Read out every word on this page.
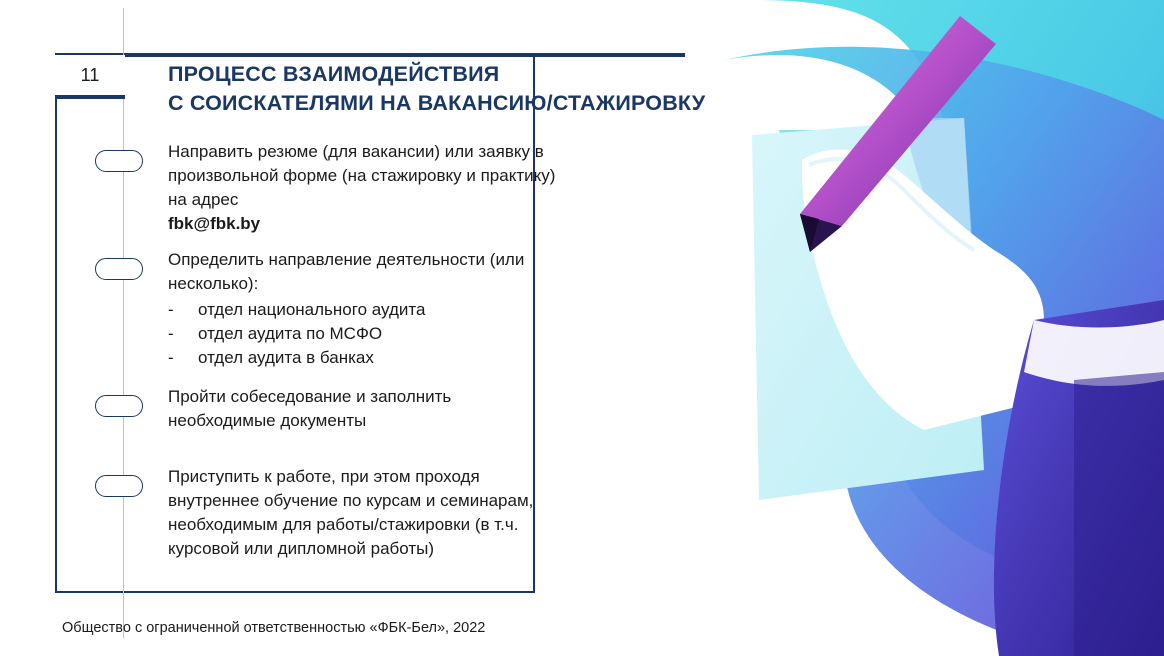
11	ПРОЦЕСС ВЗАИМОДЕЙСТВИЯ
С СОИСКАТЕЛЯМИ НА ВАКАНСИЮ/СТАЖИРОВКУ
Направить резюме (для вакансии) или заявку в произвольной форме (на стажировку и практику) на адрес
fbk@fbk.by
Определить направление деятельности (или несколько):
-	отдел национального аудита
-	отдел аудита по МСФО
-	отдел аудита в банках
Пройти собеседование и заполнить необходимые документы
Приступить к работе, при этом проходя внутреннее обучение по курсам и семинарам, необходимым для работы/стажировки (в т.ч. курсовой или дипломной работы)
Общество с ограниченной ответственностью «ФБК-Бел», 2022
